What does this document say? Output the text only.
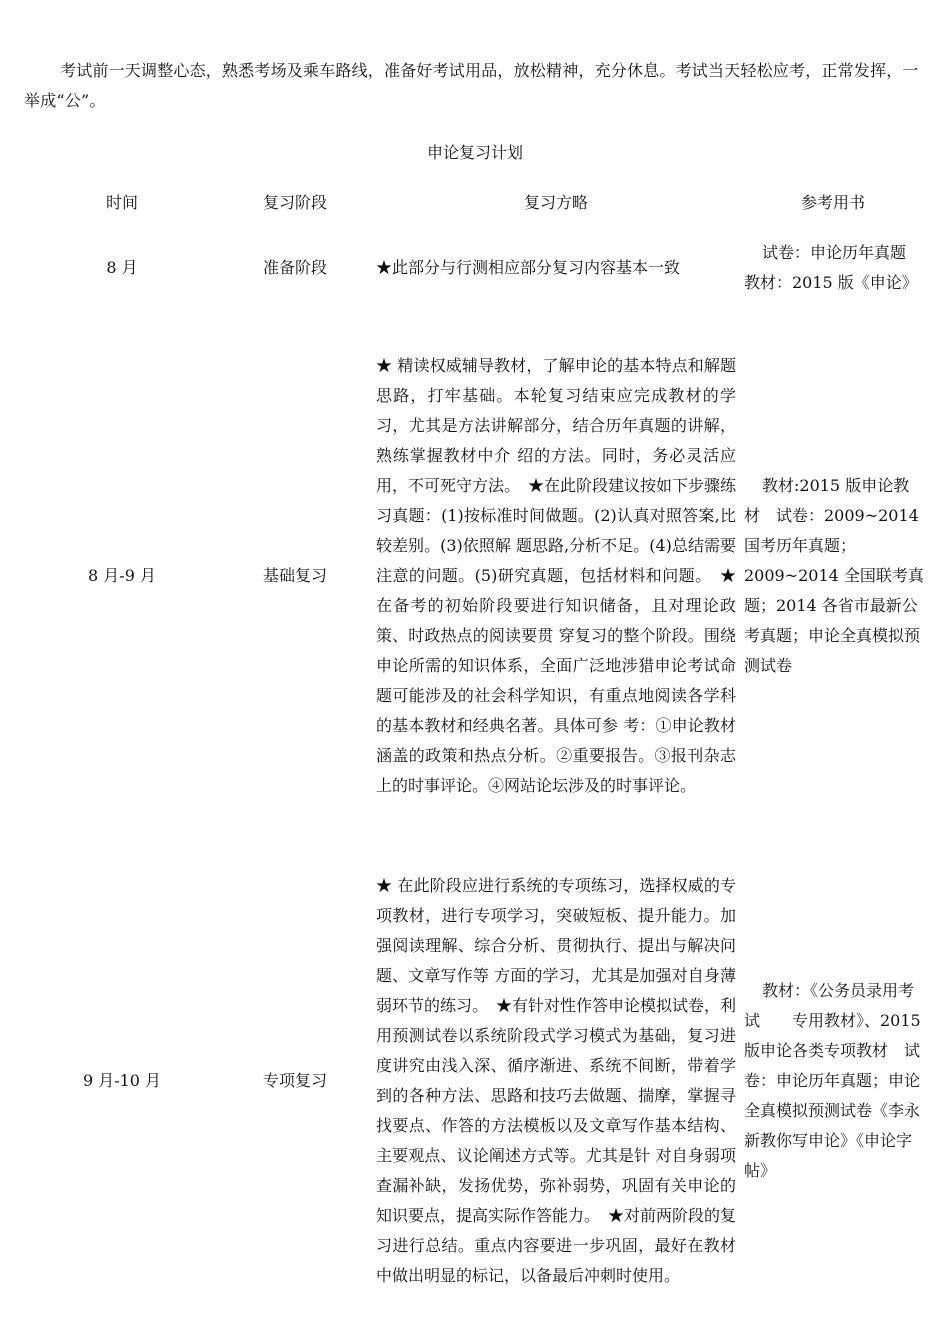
考试前一天调整心态，熟悉考场及乘车路线，准备好考试用品，放松精神，充分休息。考试当天轻松应考，正常发挥，一举成“公”。

申论复习计划
时间	复习阶段	复习方略	参考用书
8 月	准备阶段	★此部分与行测相应部分复习内容基本一致	试卷：申论历年真题　教材：2015 版《申论》
8 月-9 月	基础复习	★ 精读权威辅导教材，了解申论的基本特点和解题思路，打牢基础。本轮复习结束应完成教材的学习，尤其是方法讲解部分，结合历年真题的讲解，熟练掌握教材中介 绍的方法。同时，务必灵活应用，不可死守方法。　★在此阶段建议按如下步骤练习真题：(1)按标准时间做题。(2)认真对照答案,比较差别。(3)依照解 题思路,分析不足。(4)总结需要注意的问题。(5)研究真题，包括材料和问题。　★在备考的初始阶段要进行知识储备，且对理论政策、时政热点的阅读要贯 穿复习的整个阶段。围绕申论所需的知识体系，全面广泛地涉猎申论考试命题可能涉及的社会科学知识，有重点地阅读各学科的基本教材和经典名著。具体可参 考：①申论教材涵盖的政策和热点分析。②重要报告。③报刊杂志上的时事评论。④网站论坛涉及的时事评论。	教材:2015 版申论教材　试卷：2009~2014 国考历年真题；　2009~2014 全国联考真题；2014 各省市最新公考真题；申论全真模拟预测试卷
9 月-10 月	专项复习	★ 在此阶段应进行系统的专项练习，选择权威的专项教材，进行专项学习，突破短板、提升能力。加强阅读理解、综合分析、贯彻执行、提出与解决问题、文章写作等 方面的学习，尤其是加强对自身薄弱环节的练习。　★有针对性作答申论模拟试卷，利用预测试卷以系统阶段式学习模式为基础，复习进度讲究由浅入深、循序渐进、系统不间断，带着学到的各种方法、思路和技巧去做题、揣摩，掌握寻找要点、作答的方法模板以及文章写作基本结构、主要观点、议论阐述方式等。尤其是针 对自身弱项查漏补缺，发扬优势，弥补弱势，巩固有关申论的知识要点，提高实际作答能力。　★对前两阶段的复习进行总结。重点内容要进一步巩固，最好在教材中做出明显的标记，以备最后冲刺时使用。	教材：《公务员录用考试　　专用教材》、2015 版申论各类专项教材　试卷：申论历年真题；申论全真模拟预测试卷《李永新教你写申论》《申论字帖》
